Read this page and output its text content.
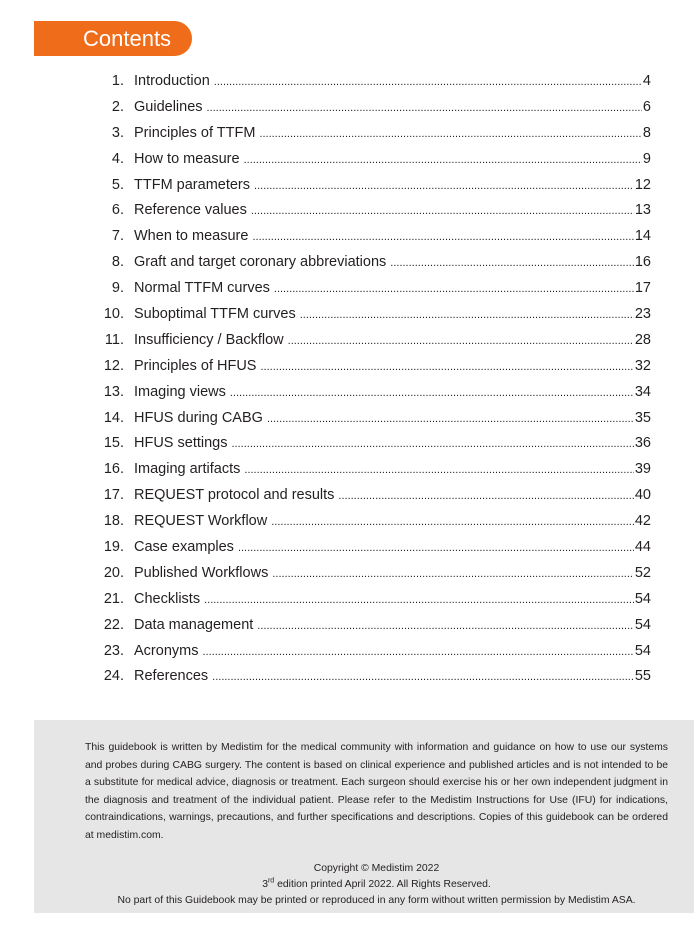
Contents
1. Introduction .....	4
2. Guidelines .....	6
3. Principles of TTFM .....	8
4. How to measure .....	9
5. TTFM parameters .....	12
6. Reference values .....	13
7. When to measure .....	14
8. Graft and target coronary abbreviations .....	16
9. Normal TTFM curves .....	17
10. Suboptimal TTFM curves .....	23
11. Insufficiency / Backflow .....	28
12. Principles of HFUS .....	32
13. Imaging views .....	34
14. HFUS during CABG .....	35
15. HFUS settings .....	36
16. Imaging artifacts .....	39
17. REQUEST protocol and results .....	40
18. REQUEST Workflow .....	42
19. Case examples .....	44
20. Published Workflows .....	52
21. Checklists .....	54
22. Data management .....	54
23. Acronyms .....	54
24. References .....	55

This guidebook is written by Medistim for the medical community with information and guidance on how to use our systems and probes during CABG surgery. The content is based on clinical experience and published articles and is not intended to be a substitute for medical advice, diagnosis or treatment. Each surgeon should exercise his or her own independent judgment in the diagnosis and treatment of the individual patient. Please refer to the Medistim Instructions for Use (IFU) for indications, contraindications, warnings, precautions, and further specifications and descriptions. Copies of this guidebook can be ordered at medistim.com.

Copyright © Medistim 2022

3rd edition printed April 2022. All Rights Reserved.

No part of this Guidebook may be printed or reproduced in any form without written permission by Medistim ASA.
